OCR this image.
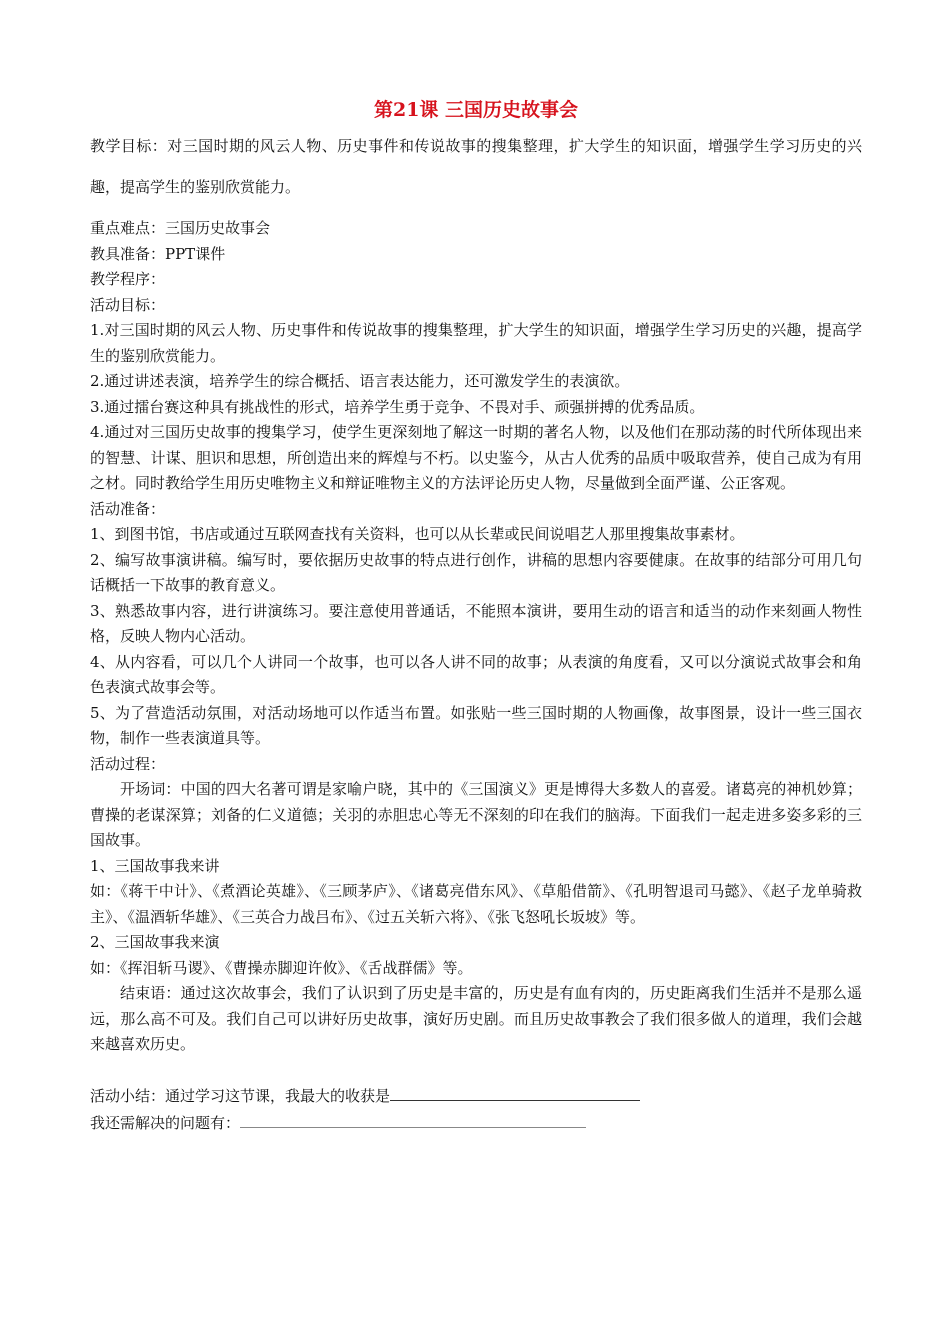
第21课 三国历史故事会

教学目标：对三国时期的风云人物、历史事件和传说故事的搜集整理，扩大学生的知识面，增强学生学习历史的兴趣，提高学生的鉴别欣赏能力。

重点难点：三国历史故事会

教具准备：PPT课件

教学程序：

活动目标：

1.对三国时期的风云人物、历史事件和传说故事的搜集整理，扩大学生的知识面，增强学生学习历史的兴趣，提高学生的鉴别欣赏能力。

2.通过讲述表演，培养学生的综合概括、语言表达能力，还可激发学生的表演欲。

3.通过擂台赛这种具有挑战性的形式，培养学生勇于竞争、不畏对手、顽强拼搏的优秀品质。

4.通过对三国历史故事的搜集学习，使学生更深刻地了解这一时期的著名人物，以及他们在那动荡的时代所体现出来的智慧、计谋、胆识和思想，所创造出来的辉煌与不朽。以史鉴今，从古人优秀的品质中吸取营养，使自己成为有用之材。同时教给学生用历史唯物主义和辩证唯物主义的方法评论历史人物，尽量做到全面严谨、公正客观。

活动准备：

1、到图书馆，书店或通过互联网查找有关资料，也可以从长辈或民间说唱艺人那里搜集故事素材。

2、编写故事演讲稿。编写时，要依据历史故事的特点进行创作，讲稿的思想内容要健康。在故事的结部分可用几句话概括一下故事的教育意义。

3、熟悉故事内容，进行讲演练习。要注意使用普通话，不能照本演讲，要用生动的语言和适当的动作来刻画人物性格，反映人物内心活动。

4、从内容看，可以几个人讲同一个故事，也可以各人讲不同的故事；从表演的角度看，又可以分演说式故事会和角色表演式故事会等。

5、为了营造活动氛围，对活动场地可以作适当布置。如张贴一些三国时期的人物画像，故事图景，设计一些三国衣物，制作一些表演道具等。

活动过程：

开场词：中国的四大名著可谓是家喻户晓，其中的《三国演义》更是博得大多数人的喜爱。诸葛亮的神机妙算；曹操的老谋深算；刘备的仁义道德；关羽的赤胆忠心等无不深刻的印在我们的脑海。下面我们一起走进多姿多彩的三国故事。

1、三国故事我来讲

如：《蒋干中计》、《煮酒论英雄》、《三顾茅庐》、《诸葛亮借东风》、《草船借箭》、《孔明智退司马懿》、《赵子龙单骑救主》、《温酒斩华雄》、《三英合力战吕布》、《过五关斩六将》、《张飞怒吼长坂坡》等。

2、三国故事我来演

如：《挥泪斩马谡》、《曹操赤脚迎许攸》、《舌战群儒》等。

结束语：通过这次故事会，我们了认识到了历史是丰富的，历史是有血有肉的，历史距离我们生活并不是那么遥远，那么高不可及。我们自己可以讲好历史故事，演好历史剧。而且历史故事教会了我们很多做人的道理，我们会越来越喜欢历史。

活动小结：通过学习这节课，我最大的收获是
我还需解决的问题有：
